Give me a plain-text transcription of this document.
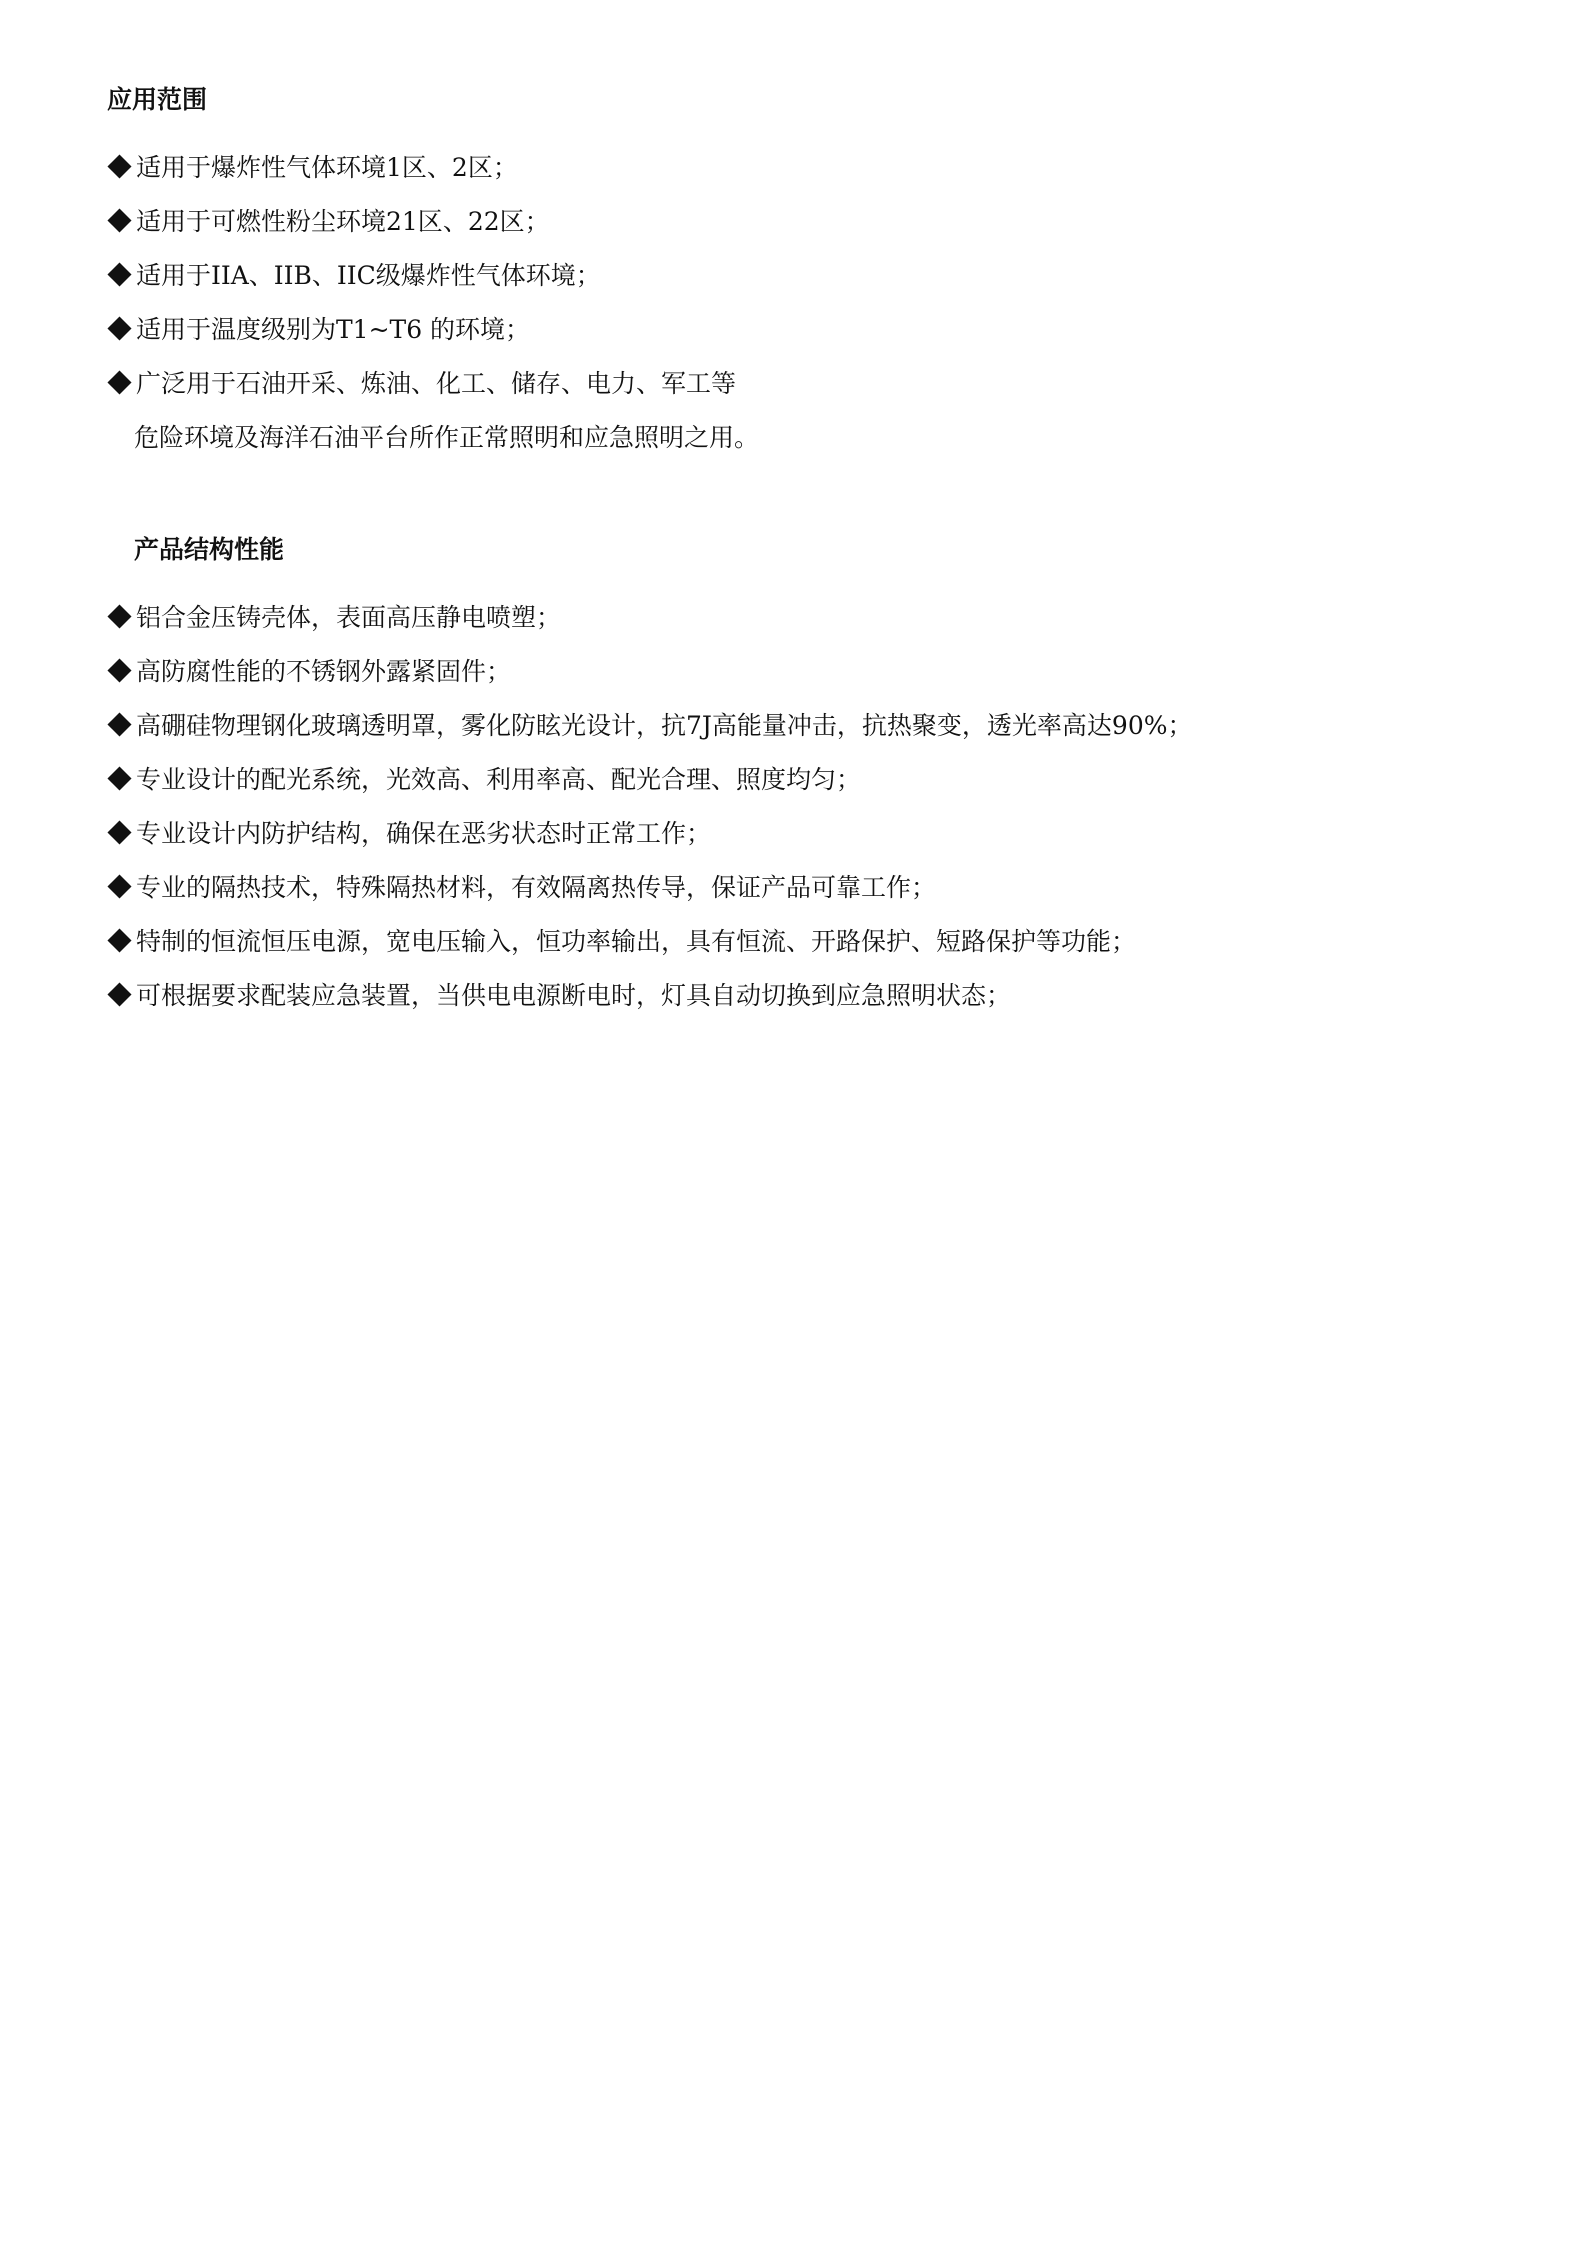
应用范围
适用于爆炸性气体环境1区、2区；
适用于可燃性粉尘环境21区、22区；
适用于IIA、IIB、IIC级爆炸性气体环境；
适用于温度级别为T1~T6 的环境；
广泛用于石油开采、炼油、化工、储存、电力、军工等
危险环境及海洋石油平台所作正常照明和应急照明之用。
产品结构性能
铝合金压铸壳体，表面高压静电喷塑；
高防腐性能的不锈钢外露紧固件；
高硼硅物理钢化玻璃透明罩，雾化防眩光设计，抗7J高能量冲击，抗热聚变，透光率高达90%；
专业设计的配光系统，光效高、利用率高、配光合理、照度均匀；
专业设计内防护结构，确保在恶劣状态时正常工作；
专业的隔热技术，特殊隔热材料，有效隔离热传导，保证产品可靠工作；
特制的恒流恒压电源，宽电压输入，恒功率输出，具有恒流、开路保护、短路保护等功能；
可根据要求配装应急装置，当供电电源断电时，灯具自动切换到应急照明状态；
